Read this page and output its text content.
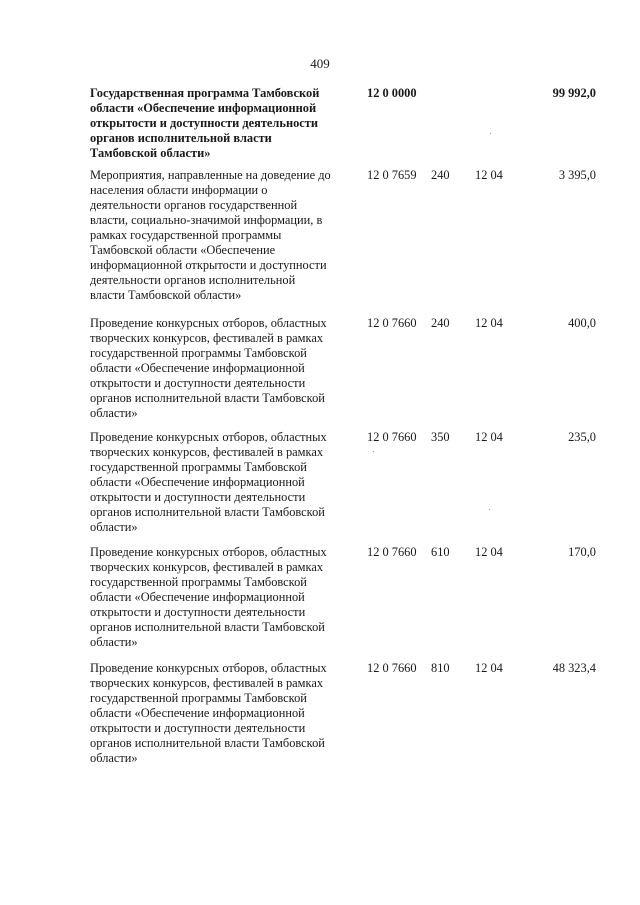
409
Государственная программа Тамбовской
области «Обеспечение информационной
открытости и доступности деятельности
органов исполнительной власти
Тамбовской области»
12 0 0000	99 992,0
Мероприятия, направленные на доведение до
населения области информации о
деятельности органов государственной
власти, социально-значимой информации, в
рамках государственной программы
Тамбовской области «Обеспечение
информационной открытости и доступности
деятельности органов исполнительной
власти Тамбовской области»
12 0 7659 240 12 04	3 395,0
Проведение конкурсных отборов, областных
творческих конкурсов, фестивалей в рамках
государственной программы Тамбовской
области «Обеспечение информационной
открытости и доступности деятельности
органов исполнительной власти Тамбовской
области»
12 0 7660 240 12 04	400,0
Проведение конкурсных отборов, областных
творческих конкурсов, фестивалей в рамках
государственной программы Тамбовской
области «Обеспечение информационной
открытости и доступности деятельности
органов исполнительной власти Тамбовской
области»
12 0 7660 350 12 04	235,0
Проведение конкурсных отборов, областных
творческих конкурсов, фестивалей в рамках
государственной программы Тамбовской
области «Обеспечение информационной
открытости и доступности деятельности
органов исполнительной власти Тамбовской
области»
12 0 7660 610 12 04	170,0
Проведение конкурсных отборов, областных
творческих конкурсов, фестивалей в рамках
государственной программы Тамбовской
области «Обеспечение информационной
открытости и доступности деятельности
органов исполнительной власти Тамбовской
области»
12 0 7660 810 12 04	48 323,4
